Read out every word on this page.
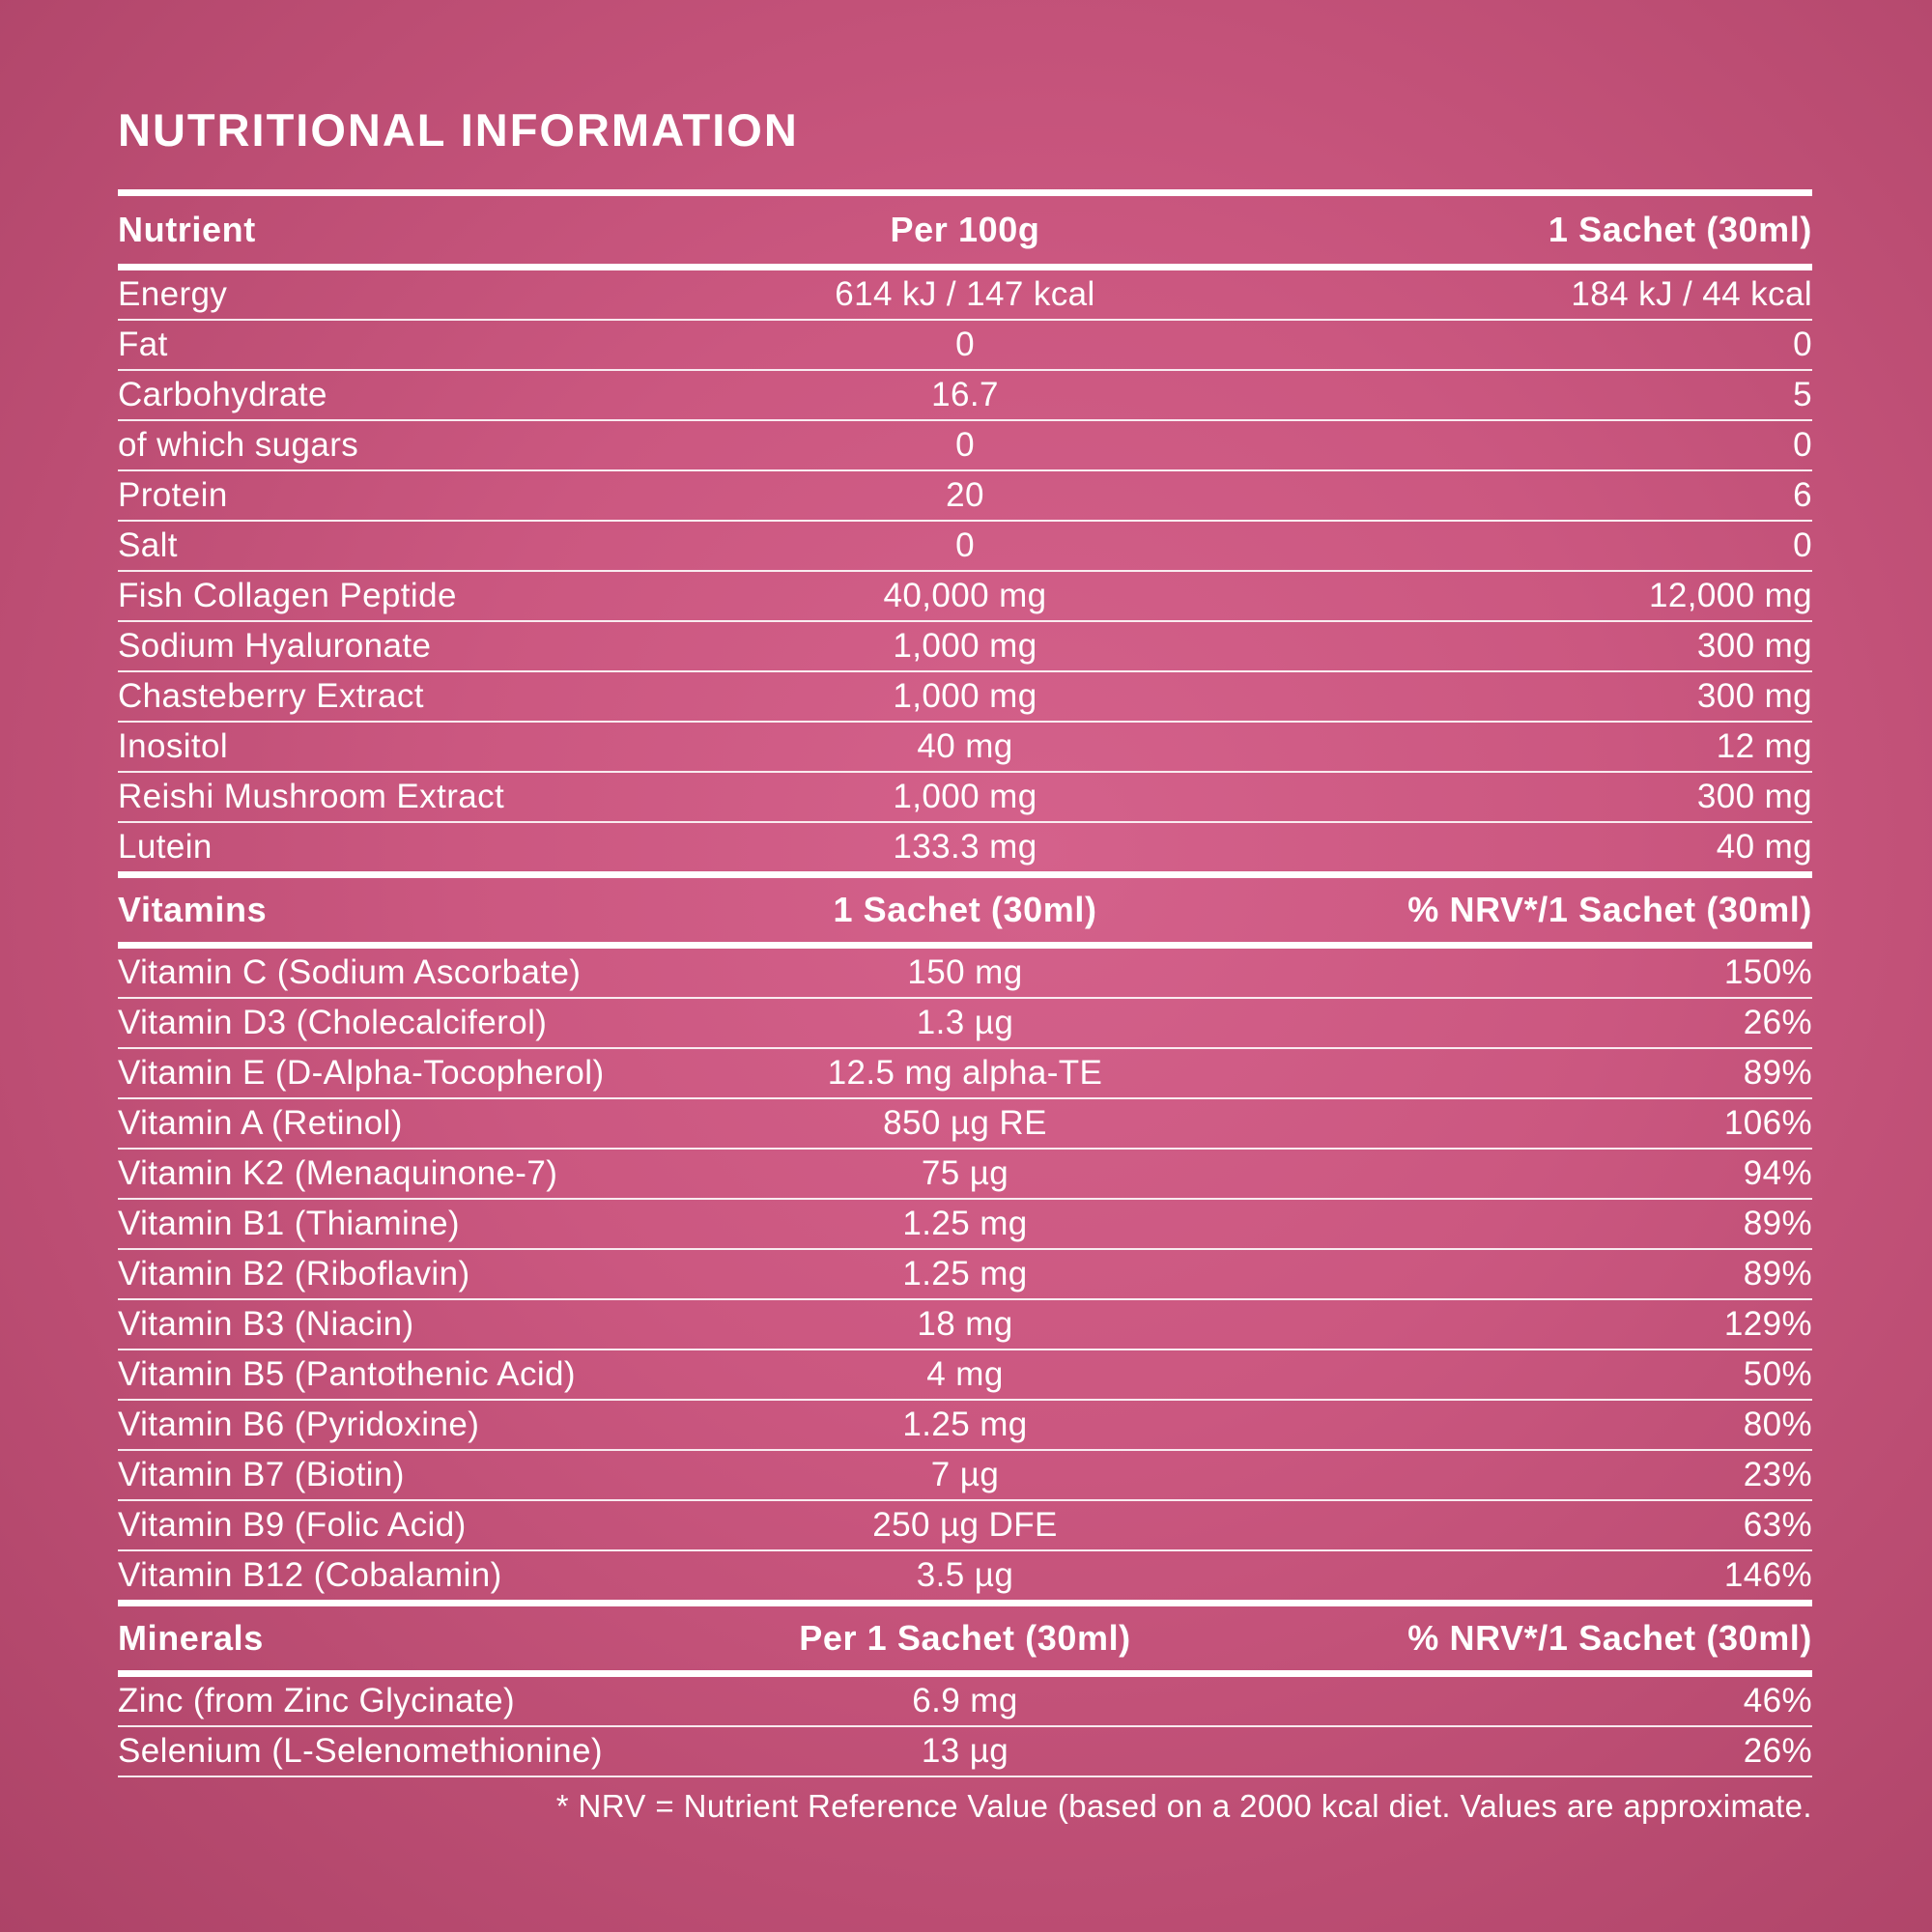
NUTRITIONAL INFORMATION
Nutrient	Per 100g	1 Sachet (30ml)
Energy	614 kJ / 147 kcal	184 kJ / 44 kcal
Fat	0	0
Carbohydrate	16.7	5
of which sugars	0	0
Protein	20	6
Salt	0	0
Fish Collagen Peptide	40,000 mg	12,000 mg
Sodium Hyaluronate	1,000 mg	300 mg
Chasteberry Extract	1,000 mg	300 mg
Inositol	40 mg	12 mg
Reishi Mushroom Extract	1,000 mg	300 mg
Lutein	133.3 mg	40 mg
Vitamins	1 Sachet (30ml)	% NRV*/1 Sachet (30ml)
Vitamin C (Sodium Ascorbate)	150 mg	150%
Vitamin D3 (Cholecalciferol)	1.3 µg	26%
Vitamin E (D-Alpha-Tocopherol)	12.5 mg alpha-TE	89%
Vitamin A (Retinol)	850 µg RE	106%
Vitamin K2 (Menaquinone-7)	75 µg	94%
Vitamin B1 (Thiamine)	1.25 mg	89%
Vitamin B2 (Riboflavin)	1.25 mg	89%
Vitamin B3 (Niacin)	18 mg	129%
Vitamin B5 (Pantothenic Acid)	4 mg	50%
Vitamin B6 (Pyridoxine)	1.25 mg	80%
Vitamin B7 (Biotin)	7 µg	23%
Vitamin B9 (Folic Acid)	250 µg DFE	63%
Vitamin B12 (Cobalamin)	3.5 µg	146%
Minerals	Per 1 Sachet (30ml)	% NRV*/1 Sachet (30ml)
Zinc (from Zinc Glycinate)	6.9 mg	46%
Selenium (L-Selenomethionine)	13 µg	26%
* NRV = Nutrient Reference Value (based on a 2000 kcal diet. Values are approximate.
